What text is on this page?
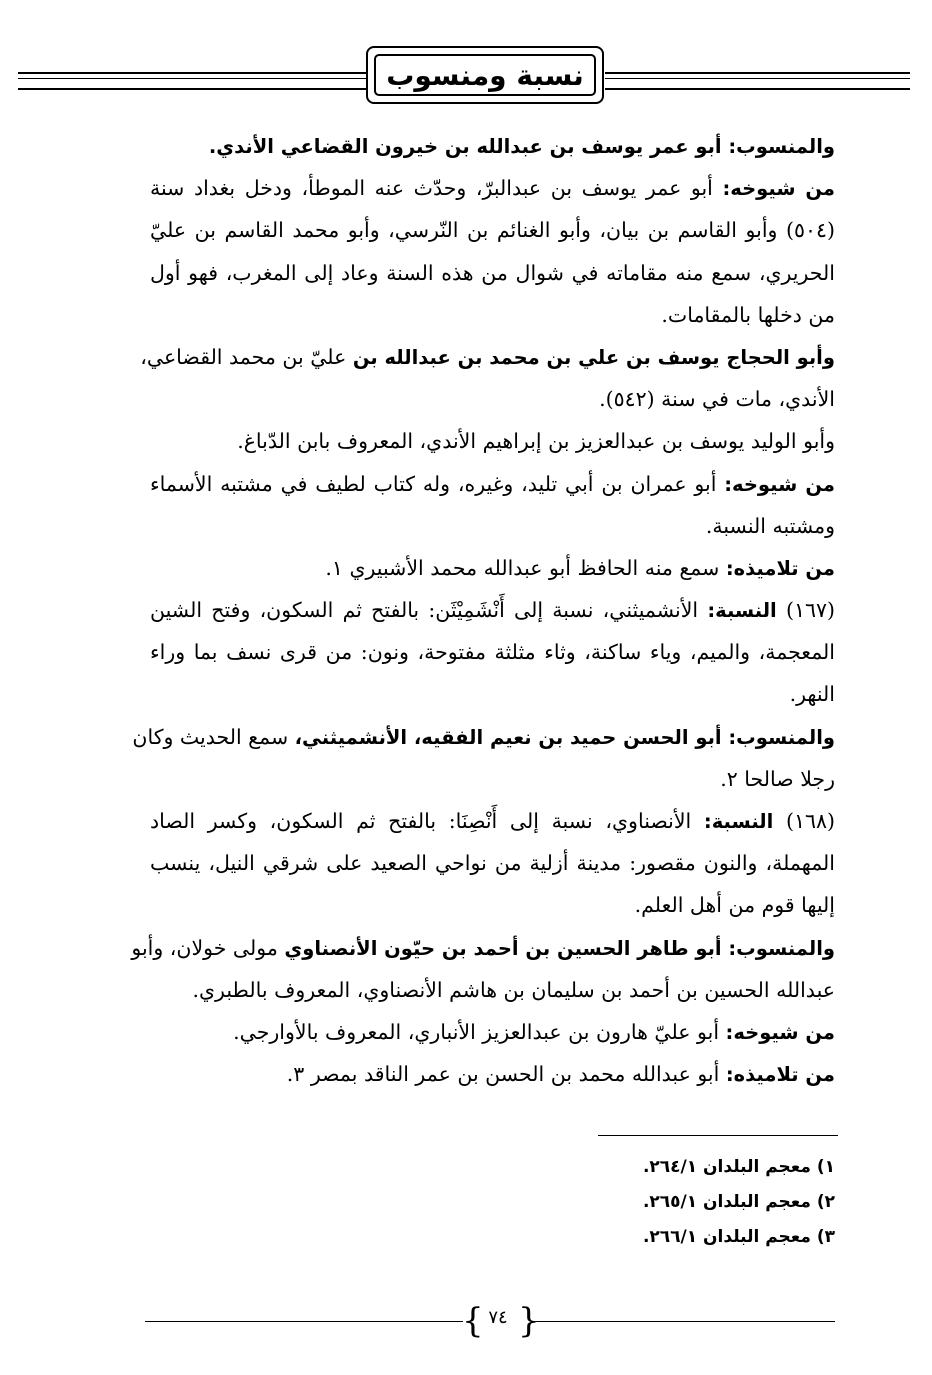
نسبة ومنسوب
والمنسوب: أبو عمر يوسف بن عبدالله بن خيرون القضاعي الأندي.
من شيوخه: أبو عمر يوسف بن عبدالبرّ، وحدّث عنه الموطأ، ودخل بغداد سنة
(٥٠٤) وأبو القاسم بن بيان، وأبو الغنائم بن النّرسي، وأبو محمد القاسم بن عليّ
الحريري، سمع منه مقاماته في شوال من هذه السنة وعاد إلى المغرب، فهو أول
من دخلها بالمقامات.
وأبو الحجاج يوسف بن علي بن محمد بن عبدالله بن عليّ بن محمد القضاعي،
الأندي، مات في سنة (٥٤٢).
وأبو الوليد يوسف بن عبدالعزيز بن إبراهيم الأندي، المعروف بابن الدّباغ.
من شيوخه: أبو عمران بن أبي تليد، وغيره، وله كتاب لطيف في مشتبه الأسماء
ومشتبه النسبة.
من تلاميذه: سمع منه الحافظ أبو عبدالله محمد الأشبيري ١.
(١٦٧) النسبة: الأنشميثني، نسبة إلى أَنْشَمِيْثَن: بالفتح ثم السكون، وفتح الشين
المعجمة، والميم، وياء ساكنة، وثاء مثلثة مفتوحة، ونون: من قرى نسف بما وراء
النهر.
والمنسوب: أبو الحسن حميد بن نعيم الفقيه، الأنشميثني، سمع الحديث وكان
رجلا صالحا ٢.
(١٦٨) النسبة: الأنصناوي، نسبة إلى أَنْصِنَا: بالفتح ثم السكون، وكسر الصاد
المهملة، والنون مقصور: مدينة أزلية من نواحي الصعيد على شرقي النيل، ينسب
إليها قوم من أهل العلم.
والمنسوب: أبو طاهر الحسين بن أحمد بن حيّون الأنصناوي مولى خولان، وأبو
عبدالله الحسين بن أحمد بن سليمان بن هاشم الأنصناوي، المعروف بالطبري.
من شيوخه: أبو عليّ هارون بن عبدالعزيز الأنباري، المعروف بالأوارجي.
من تلاميذه: أبو عبدالله محمد بن الحسن بن عمر الناقد بمصر ٣.
١) معجم البلدان ٢٦٤/١.
٢) معجم البلدان ٢٦٥/١.
٣) معجم البلدان ٢٦٦/١.
{ }
٧٤
